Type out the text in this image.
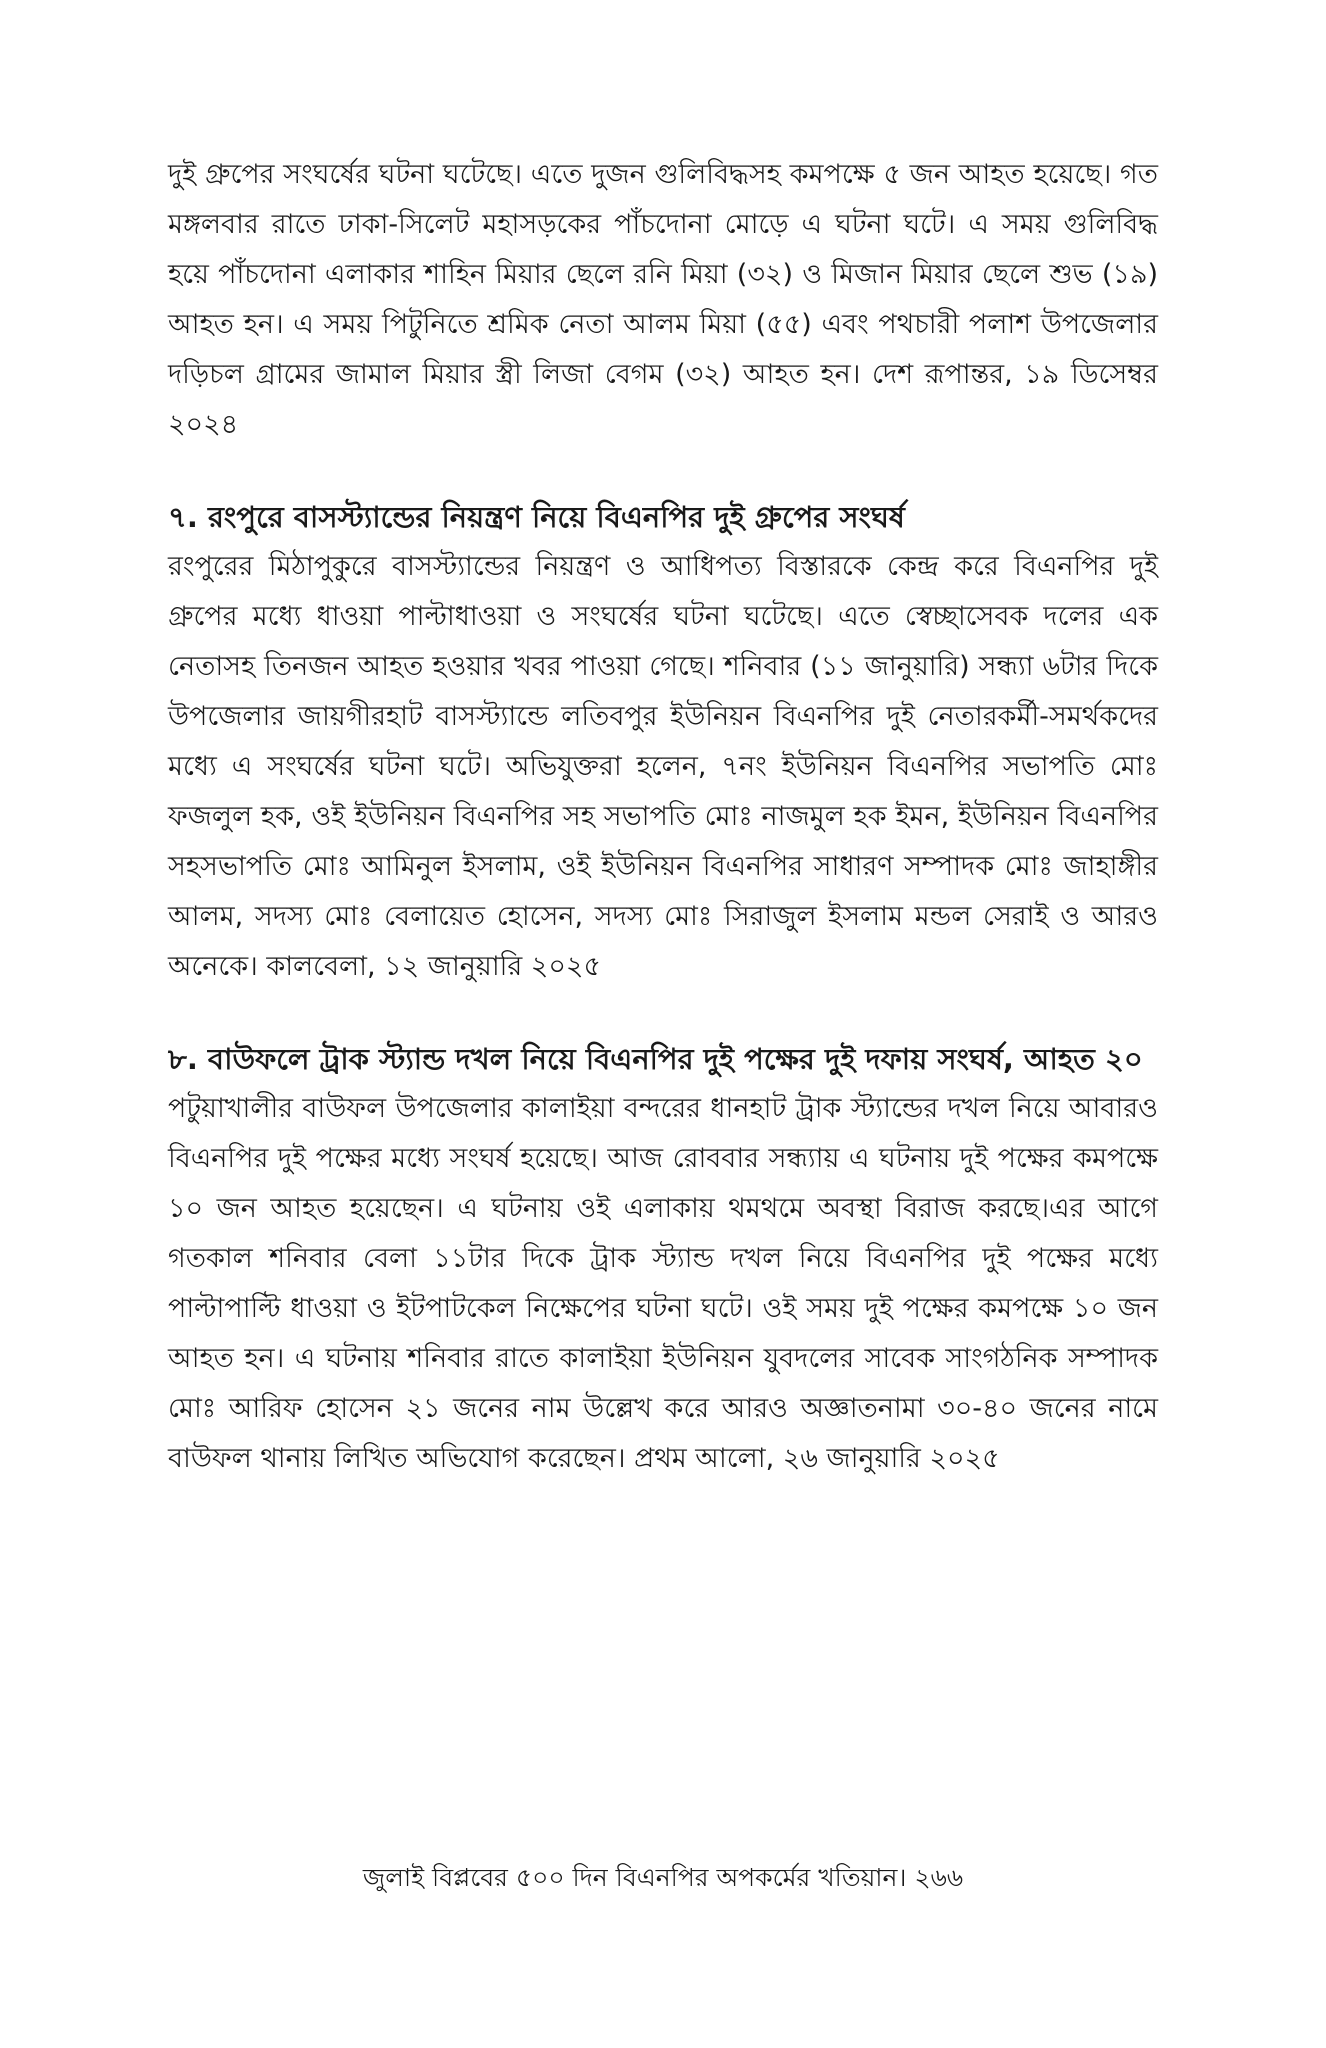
দুই গ্রুপের সংঘর্ষের ঘটনা ঘটেছে। এতে দুজন গুলিবিদ্ধসহ কমপক্ষে ৫ জন আহত হয়েছে। গত মঙ্গলবার রাতে ঢাকা-সিলেট মহাসড়কের পাঁচদোনা মোড়ে এ ঘটনা ঘটে। এ সময় গুলিবিদ্ধ হয়ে পাঁচদোনা এলাকার শাহিন মিয়ার ছেলে রনি মিয়া (৩২) ও মিজান মিয়ার ছেলে শুভ (১৯) আহত হন। এ সময় পিটুনিতে শ্রমিক নেতা আলম মিয়া (৫৫) এবং পথচারী পলাশ উপজেলার দড়িচল গ্রামের জামাল মিয়ার স্ত্রী লিজা বেগম (৩২) আহত হন। দেশ রূপান্তর, ১৯ ডিসেম্বর ২০২৪

৭. রংপুরে বাসস্ট্যান্ডের নিয়ন্ত্রণ নিয়ে বিএনপির দুই গ্রুপের সংঘর্ষ

রংপুরের মিঠাপুকুরে বাসস্ট্যান্ডের নিয়ন্ত্রণ ও আধিপত্য বিস্তারকে কেন্দ্র করে বিএনপির দুই গ্রুপের মধ্যে ধাওয়া পাল্টাধাওয়া ও সংঘর্ষের ঘটনা ঘটেছে। এতে স্বেচ্ছাসেবক দলের এক নেতাসহ তিনজন আহত হওয়ার খবর পাওয়া গেছে। শনিবার (১১ জানুয়ারি) সন্ধ্যা ৬টার দিকে উপজেলার জায়গীরহাট বাসস্ট্যান্ডে লতিবপুর ইউনিয়ন বিএনপির দুই নেতারকর্মী-সমর্থকদের মধ্যে এ সংঘর্ষের ঘটনা ঘটে। অভিযুক্তরা হলেন, ৭নং ইউনিয়ন বিএনপির সভাপতি মোঃ ফজলুল হক, ওই ইউনিয়ন বিএনপির সহ সভাপতি মোঃ নাজমুল হক ইমন, ইউনিয়ন বিএনপির সহসভাপতি মোঃ আমিনুল ইসলাম, ওই ইউনিয়ন বিএনপির সাধারণ সম্পাদক মোঃ জাহাঙ্গীর আলম, সদস্য মোঃ বেলায়েত হোসেন, সদস্য মোঃ সিরাজুল ইসলাম মন্ডল সেরাই ও আরও অনেকে। কালবেলা, ১২ জানুয়ারি ২০২৫

৮. বাউফলে ট্রাক স্ট্যান্ড দখল নিয়ে বিএনপির দুই পক্ষের দুই দফায় সংঘর্ষ, আহত ২০

পটুয়াখালীর বাউফল উপজেলার কালাইয়া বন্দরের ধানহাট ট্রাক স্ট্যান্ডের দখল নিয়ে আবারও বিএনপির দুই পক্ষের মধ্যে সংঘর্ষ হয়েছে। আজ রোববার সন্ধ্যায় এ ঘটনায় দুই পক্ষের কমপক্ষে ১০ জন আহত হয়েছেন। এ ঘটনায় ওই এলাকায় থমথমে অবস্থা বিরাজ করছে।এর আগে গতকাল শনিবার বেলা ১১টার দিকে ট্রাক স্ট্যান্ড দখল নিয়ে বিএনপির দুই পক্ষের মধ্যে পাল্টাপাল্টি ধাওয়া ও ইটপাটকেল নিক্ষেপের ঘটনা ঘটে। ওই সময় দুই পক্ষের কমপক্ষে ১০ জন আহত হন। এ ঘটনায় শনিবার রাতে কালাইয়া ইউনিয়ন যুবদলের সাবেক সাংগঠনিক সম্পাদক মোঃ আরিফ হোসেন ২১ জনের নাম উল্লেখ করে আরও অজ্ঞাতনামা ৩০-৪০ জনের নামে বাউফল থানায় লিখিত অভিযোগ করেছেন। প্রথম আলো, ২৬ জানুয়ারি ২০২৫

জুলাই বিপ্লবের ৫০০ দিন বিএনপির অপকর্মের খতিয়ান। ২৬৬
